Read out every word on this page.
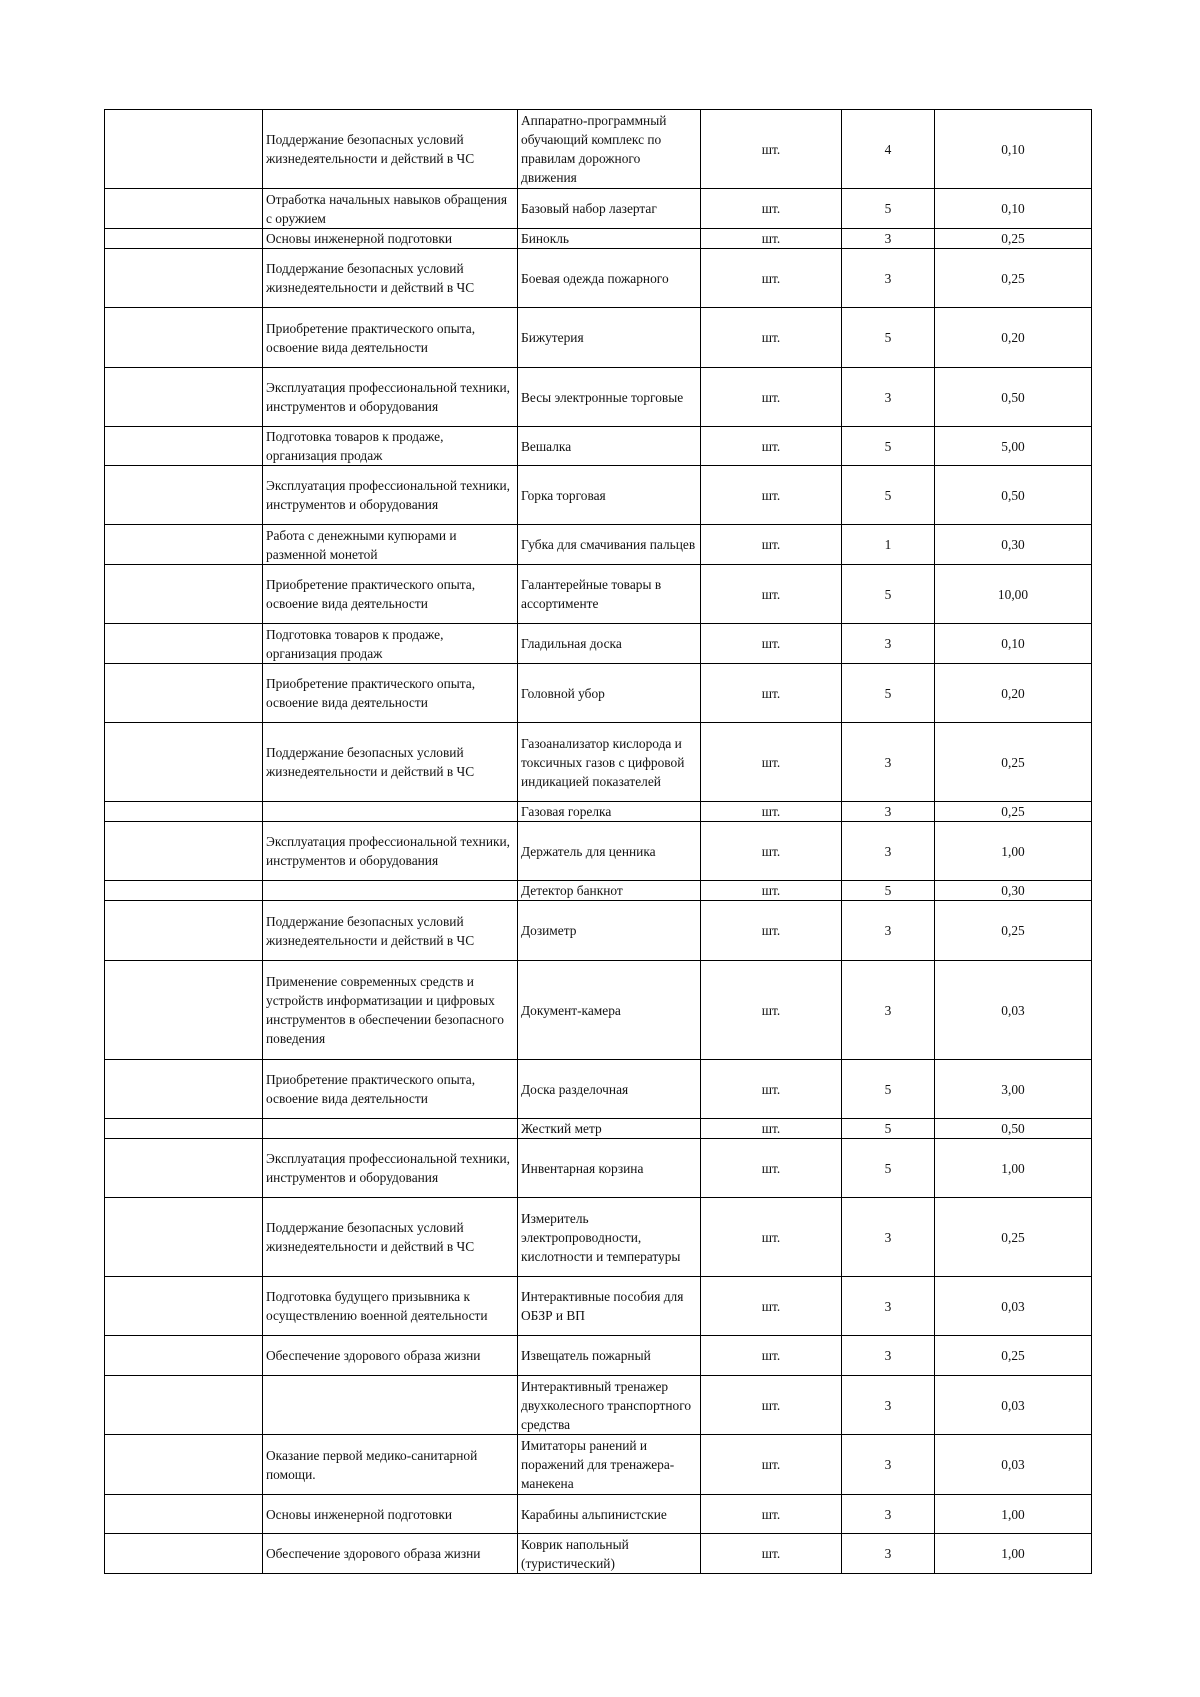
	Поддержание безопасных условий жизнедеятельности и действий в ЧС	Аппаратно-программный обучающий комплекс по правилам дорожного движения	шт.	4	0,10
	Отработка начальных навыков обращения с оружием	Базовый набор лазертаг	шт.	5	0,10
	Основы инженерной подготовки	Бинокль	шт.	3	0,25
	Поддержание безопасных условий жизнедеятельности и действий в ЧС	Боевая одежда пожарного	шт.	3	0,25
	Приобретение практического опыта, освоение вида деятельности	Бижутерия	шт.	5	0,20
	Эксплуатация профессиональной техники, инструментов и оборудования	Весы электронные торговые	шт.	3	0,50
	Подготовка товаров к продаже, организация продаж	Вешалка	шт.	5	5,00
	Эксплуатация профессиональной техники, инструментов и оборудования	Горка торговая	шт.	5	0,50
	Работа с денежными купюрами и разменной монетой	Губка для смачивания пальцев	шт.	1	0,30
	Приобретение практического опыта, освоение вида деятельности	Галантерейные товары в ассортименте	шт.	5	10,00
	Подготовка товаров к продаже, организация продаж	Гладильная доска	шт.	3	0,10
	Приобретение практического опыта, освоение вида деятельности	Головной убор	шт.	5	0,20
	Поддержание безопасных условий жизнедеятельности и действий в ЧС	Газоанализатор кислорода и токсичных газов с цифровой индикацией показателей	шт.	3	0,25
		Газовая горелка	шт.	3	0,25
	Эксплуатация профессиональной техники, инструментов и оборудования	Держатель для ценника	шт.	3	1,00
		Детектор банкнот	шт.	5	0,30
	Поддержание безопасных условий жизнедеятельности и действий в ЧС	Дозиметр	шт.	3	0,25
	Применение современных средств и устройств информатизации и цифровых инструментов в обеспечении безопасного поведения	Документ-камера	шт.	3	0,03
	Приобретение практического опыта, освоение вида деятельности	Доска разделочная	шт.	5	3,00
		Жесткий метр	шт.	5	0,50
	Эксплуатация профессиональной техники, инструментов и оборудования	Инвентарная корзина	шт.	5	1,00
	Поддержание безопасных условий жизнедеятельности и действий в ЧС	Измеритель электропроводности, кислотности и температуры	шт.	3	0,25
	Подготовка будущего призывника к осуществлению военной деятельности	Интерактивные пособия для ОБЗР и ВП	шт.	3	0,03
	Обеспечение здорового образа жизни	Извещатель пожарный	шт.	3	0,25
		Интерактивный тренажер двухколесного транспортного средства	шт.	3	0,03
	Оказание первой медико-санитарной помощи.	Имитаторы ранений и поражений для тренажера-манекена	шт.	3	0,03
	Основы инженерной подготовки	Карабины альпинистские	шт.	3	1,00
	Обеспечение здорового образа жизни	Коврик напольный (туристический)	шт.	3	1,00
